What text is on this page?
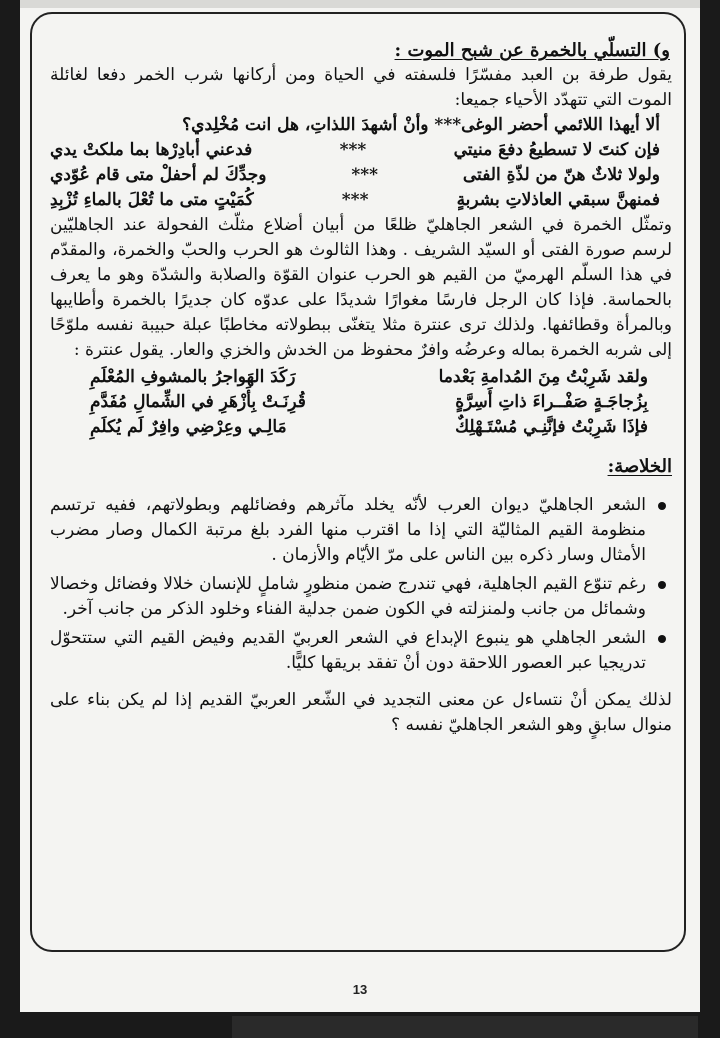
و) التسلّي بالخمرة عن شبح الموت :

يقول طرفة بن العبد مفسّرًا فلسفته في الحياة ومن أركانها شرب الخمر دفعا لغائلة الموت التي تتهدّد الأحياء جميعا:

ألا أيهذا اللائمي أحضر الوغى*** وأنْ أشهدَ اللذاتِ، هل انت مُخْلِدي؟
فإن كنتَ لا تسطيعُ دفعَ منيتي
***
فدعني أبادِرْها بما ملكتْ يدي
ولولا ثلاثٌ هنّ من لذّةِ الفتى
***
وجدِّكَ لم أحفلْ متى قام عُوّدي
فمنهنَّ سبقي العاذلاتِ بشربةٍ
***
كُمَيْتٍ متى ما تُعْلَ بالماءِ تُزْبِدِ

وتمثّل الخمرة في الشعر الجاهليّ ظلعًا من أبيان أضلاع مثلّث الفحولة عند الجاهليّين لرسم صورة الفتى أو السيّد الشريف . وهذا الثالوث هو الحرب والحبّ والخمرة، والمقدّم في هذا السلّم الهرميّ من القيم هو الحرب عنوان القوّة والصلابة والشدّة وهو ما يعرف بالحماسة. فإذا كان الرجل فارسًا مغوارًا شديدًا على عدوّه كان جديرًا بالخمرة وأطايبها وبالمرأة وقطائفها. ولذلك ترى عنترة مثلا يتغنّى ببطولاته مخاطبًا عبلة حبيبة نفسه ملوّحًا إلى شربه الخمرة بماله وعرضُه وافرٌ محفوظ من الخدش والخزي والعار. يقول عنترة :

ولقد شَرِبْتُ مِنَ المُدامةِ بَعْدما
رَكَدَ الهَواجرُ بالمشوفِ المُعْلَمِ
بِزُجاجَـةٍ صَفْــراءَ ذاتِ أَسِرَّةٍ
قُرِنَـتْ بِأَزْهَرِ في الشِّمالِ مُفَدَّمِ
فإذَا شَرِبْتُ فإنَّنِـي مُسْتَـهْلِكٌ
مَالِـي وعِرْضِي وافِرٌ لَم يُكلَمِ

الخلاصة:

الشعر الجاهليّ ديوان العرب لأنّه يخلد مآثرهم وفضائلهم وبطولاتهم، ففيه ترتسم منظومة القيم المثاليّة التي إذا ما اقترب منها الفرد بلغ مرتبة الكمال وصار مضرب الأمثال وسار ذكره بين الناس على مرّ الأيّام والأزمان .
رغم تنوّع القيم الجاهلية، فهي تندرج ضمن منظورٍ شاملٍ للإنسان خلالا وفضائل وخصالا وشمائل من جانب ولمنزلته في الكون ضمن جدلية الفناء وخلود الذكر من جانب آخر.
الشعر الجاهلي هو ينبوع الإبداع في الشعر العربيّ القديم وفيض القيم التي ستتحوّل تدريجيا عبر العصور اللاحقة دون أنْ تفقد بريقها كليًّا.

لذلك يمكن أنْ نتساءل عن معنى التجديد في الشّعر العربيّ القديم إذا لم يكن بناء على منوال سابقٍ وهو الشعر الجاهليّ نفسه ؟

13
